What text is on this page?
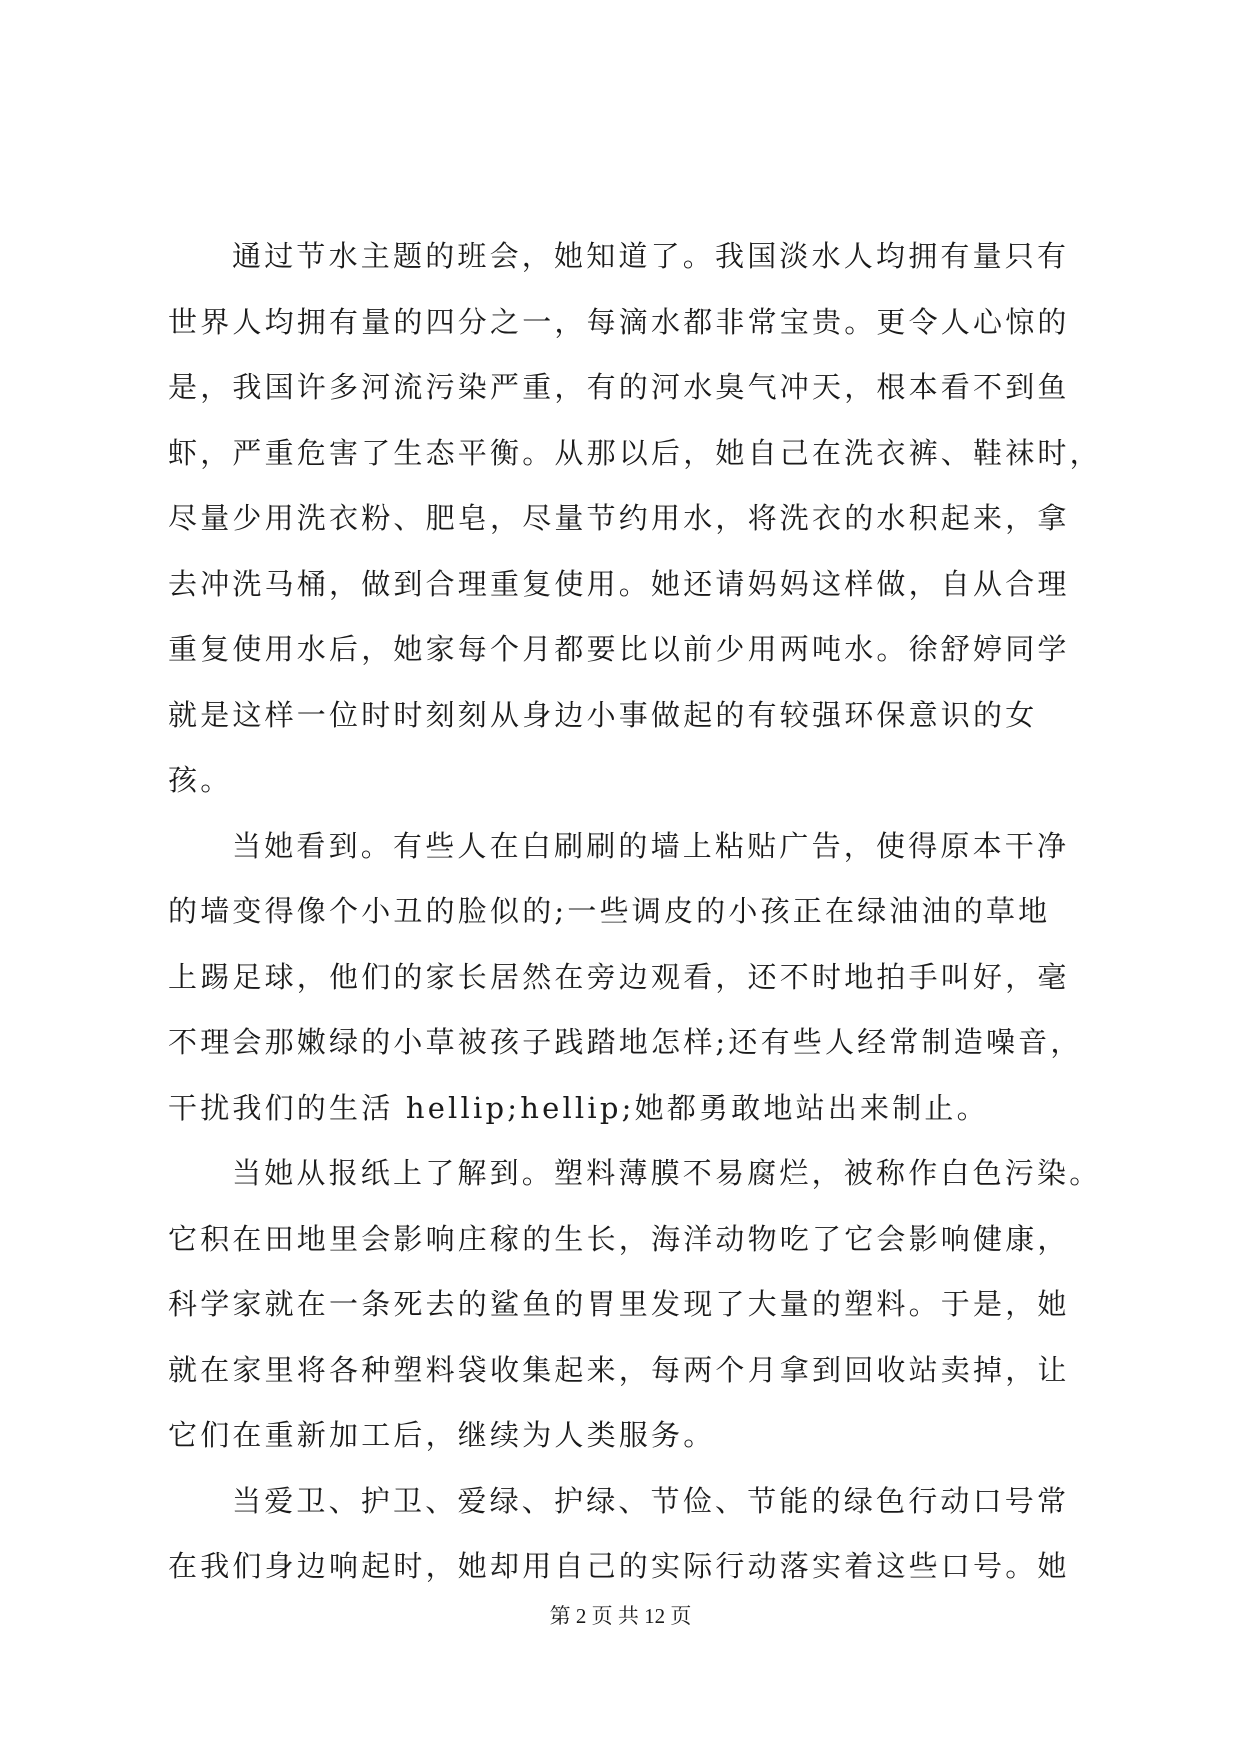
通过节水主题的班会，她知道了。我国淡水人均拥有量只有
世界人均拥有量的四分之一，每滴水都非常宝贵。更令人心惊的
是，我国许多河流污染严重，有的河水臭气冲天，根本看不到鱼
虾，严重危害了生态平衡。从那以后，她自己在洗衣裤、鞋袜时，
尽量少用洗衣粉、肥皂，尽量节约用水，将洗衣的水积起来，拿
去冲洗马桶，做到合理重复使用。她还请妈妈这样做，自从合理
重复使用水后，她家每个月都要比以前少用两吨水。徐舒婷同学
就是这样一位时时刻刻从身边小事做起的有较强环保意识的女
孩。
当她看到。有些人在白刷刷的墙上粘贴广告，使得原本干净
的墙变得像个小丑的脸似的;一些调皮的小孩正在绿油油的草地
上踢足球，他们的家长居然在旁边观看，还不时地拍手叫好，毫
不理会那嫩绿的小草被孩子践踏地怎样;还有些人经常制造噪音，
干扰我们的生活 hellip;hellip;她都勇敢地站出来制止。
当她从报纸上了解到。塑料薄膜不易腐烂，被称作白色污染。
它积在田地里会影响庄稼的生长，海洋动物吃了它会影响健康，
科学家就在一条死去的鲨鱼的胃里发现了大量的塑料。于是，她
就在家里将各种塑料袋收集起来，每两个月拿到回收站卖掉，让
它们在重新加工后，继续为人类服务。
当爱卫、护卫、爱绿、护绿、节俭、节能的绿色行动口号常
在我们身边响起时，她却用自己的实际行动落实着这些口号。她
第 2 页 共 12 页
